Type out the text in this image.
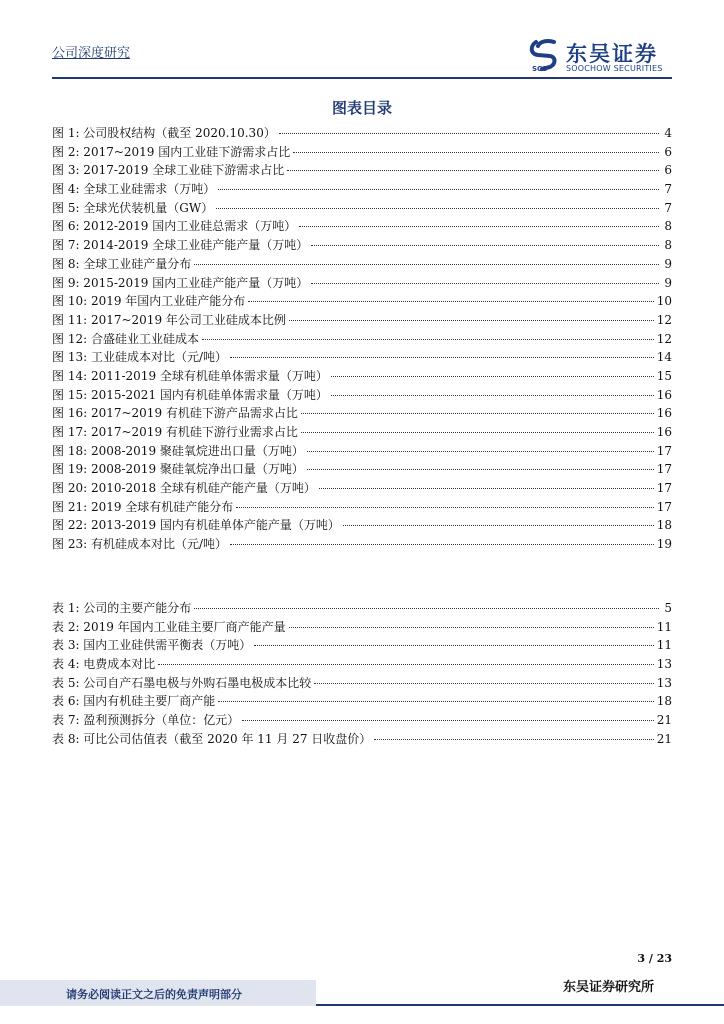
公司深度研究
SCS
东吴证券
SOOCHOW SECURITIES
图表目录
图 1: 公司股权结构（截至 2020.10.30）	4
图 2: 2017~2019 国内工业硅下游需求占比	6
图 3: 2017-2019 全球工业硅下游需求占比	6
图 4: 全球工业硅需求（万吨）	7
图 5: 全球光伏装机量（GW）	7
图 6: 2012-2019 国内工业硅总需求（万吨）	8
图 7: 2014-2019 全球工业硅产能产量（万吨）	8
图 8: 全球工业硅产量分布	9
图 9: 2015-2019 国内工业硅产能产量（万吨）	9
图 10: 2019 年国内工业硅产能分布	10
图 11: 2017~2019 年公司工业硅成本比例	12
图 12: 合盛硅业工业硅成本	12
图 13: 工业硅成本对比（元/吨）	14
图 14: 2011-2019 全球有机硅单体需求量（万吨）	15
图 15: 2015-2021 国内有机硅单体需求量（万吨）	16
图 16: 2017~2019 有机硅下游产品需求占比	16
图 17: 2017~2019 有机硅下游行业需求占比	16
图 18: 2008-2019 聚硅氧烷进出口量（万吨）	17
图 19: 2008-2019 聚硅氧烷净出口量（万吨）	17
图 20: 2010-2018 全球有机硅产能产量（万吨）	17
图 21: 2019 全球有机硅产能分布	17
图 22: 2013-2019 国内有机硅单体产能产量（万吨）	18
图 23: 有机硅成本对比（元/吨）	19
表 1: 公司的主要产能分布	5
表 2: 2019 年国内工业硅主要厂商产能产量	11
表 3: 国内工业硅供需平衡表（万吨）	11
表 4: 电费成本对比	13
表 5: 公司自产石墨电极与外购石墨电极成本比较	13
表 6: 国内有机硅主要厂商产能	18
表 7: 盈利预测拆分（单位：亿元）	21
表 8: 可比公司估值表（截至 2020 年 11 月 27 日收盘价）	21
3 / 23
请务必阅读正文之后的免责声明部分	东吴证券研究所
